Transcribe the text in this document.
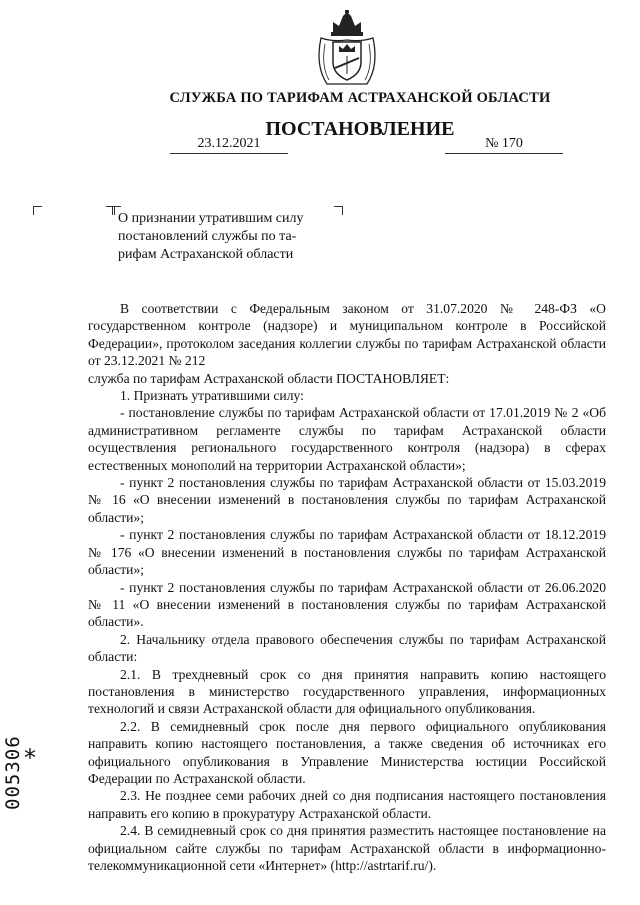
СЛУЖБА ПО ТАРИФАМ АСТРАХАНСКОЙ ОБЛАСТИ
ПОСТАНОВЛЕНИЕ
23.12.2021	№ 170
О признании утратившим силу
постановлений службы по та-
рифам Астраханской области

В соответствии с Федеральным законом от 31.07.2020 № 248-ФЗ «О государственном контроле (надзоре) и муниципальном контроле в Российской Федерации», протоколом заседания коллегии службы по тарифам Астраханской области от 23.12.2021 № 212

служба по тарифам Астраханской области ПОСТАНОВЛЯЕТ:

1. Признать утратившими силу:

- постановление службы по тарифам Астраханской области от 17.01.2019 № 2 «Об административном регламенте службы по тарифам Астраханской области осуществления регионального государственного контроля (надзора) в сферах естественных монополий на территории Астраханской области»;

- пункт 2 постановления службы по тарифам Астраханской области от 15.03.2019 № 16 «О внесении изменений в постановления службы по тарифам Астраханской области»;

- пункт 2 постановления службы по тарифам Астраханской области от 18.12.2019 № 176 «О внесении изменений в постановления службы по тарифам Астраханской области»;

- пункт 2 постановления службы по тарифам Астраханской области от 26.06.2020 № 11 «О внесении изменений в постановления службы по тарифам Астраханской области».

2. Начальнику отдела правового обеспечения службы по тарифам Астраханской области:

2.1. В трехдневный срок со дня принятия направить копию настоящего постановления в министерство государственного управления, информационных технологий и связи Астраханской области для официального опубликования.

2.2. В семидневный срок после дня первого официального опубликования направить копию настоящего постановления, а также сведения об источниках его официального опубликования в Управление Министерства юстиции Российской Федерации по Астраханской области.

2.3. Не позднее семи рабочих дней со дня подписания настоящего постановления направить его копию в прокуратуру Астраханской области.

2.4. В семидневный срок со дня принятия разместить настоящее постановление на официальном сайте службы по тарифам Астраханской области в информационно-телекоммуникационной сети «Интернет» (http://astrtarif.ru/).

*
005306
